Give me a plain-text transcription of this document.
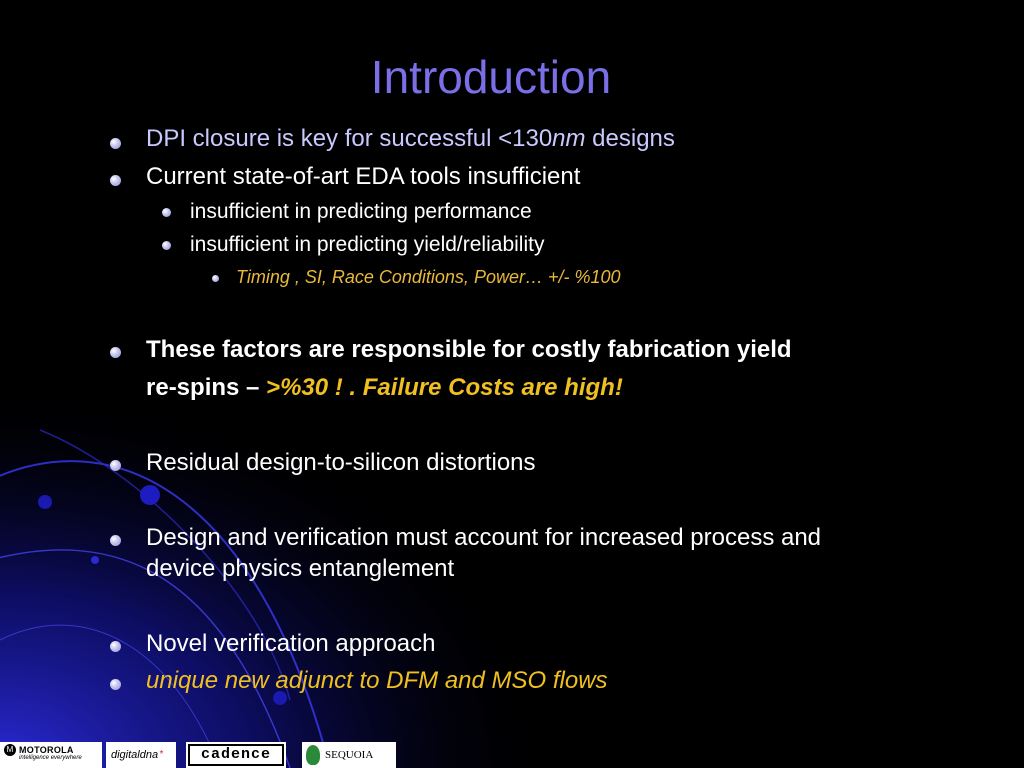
Introduction
DPI closure is key for successful <130nm designs
Current state-of-art EDA tools insufficient
insufficient in predicting performance
insufficient in predicting yield/reliability
Timing , SI, Race Conditions, Power… +/- %100
These factors are responsible for costly fabrication yield
re-spins – >%30 ! . Failure Costs are high!
Residual design-to-silicon distortions
Design and verification must account for increased process and
device physics entanglement
Novel verification approach
unique new adjunct to DFM and MSO flows
M MOTOROLA
intelligence everywhere	digitaldna*	cadence	SEQUOIA
